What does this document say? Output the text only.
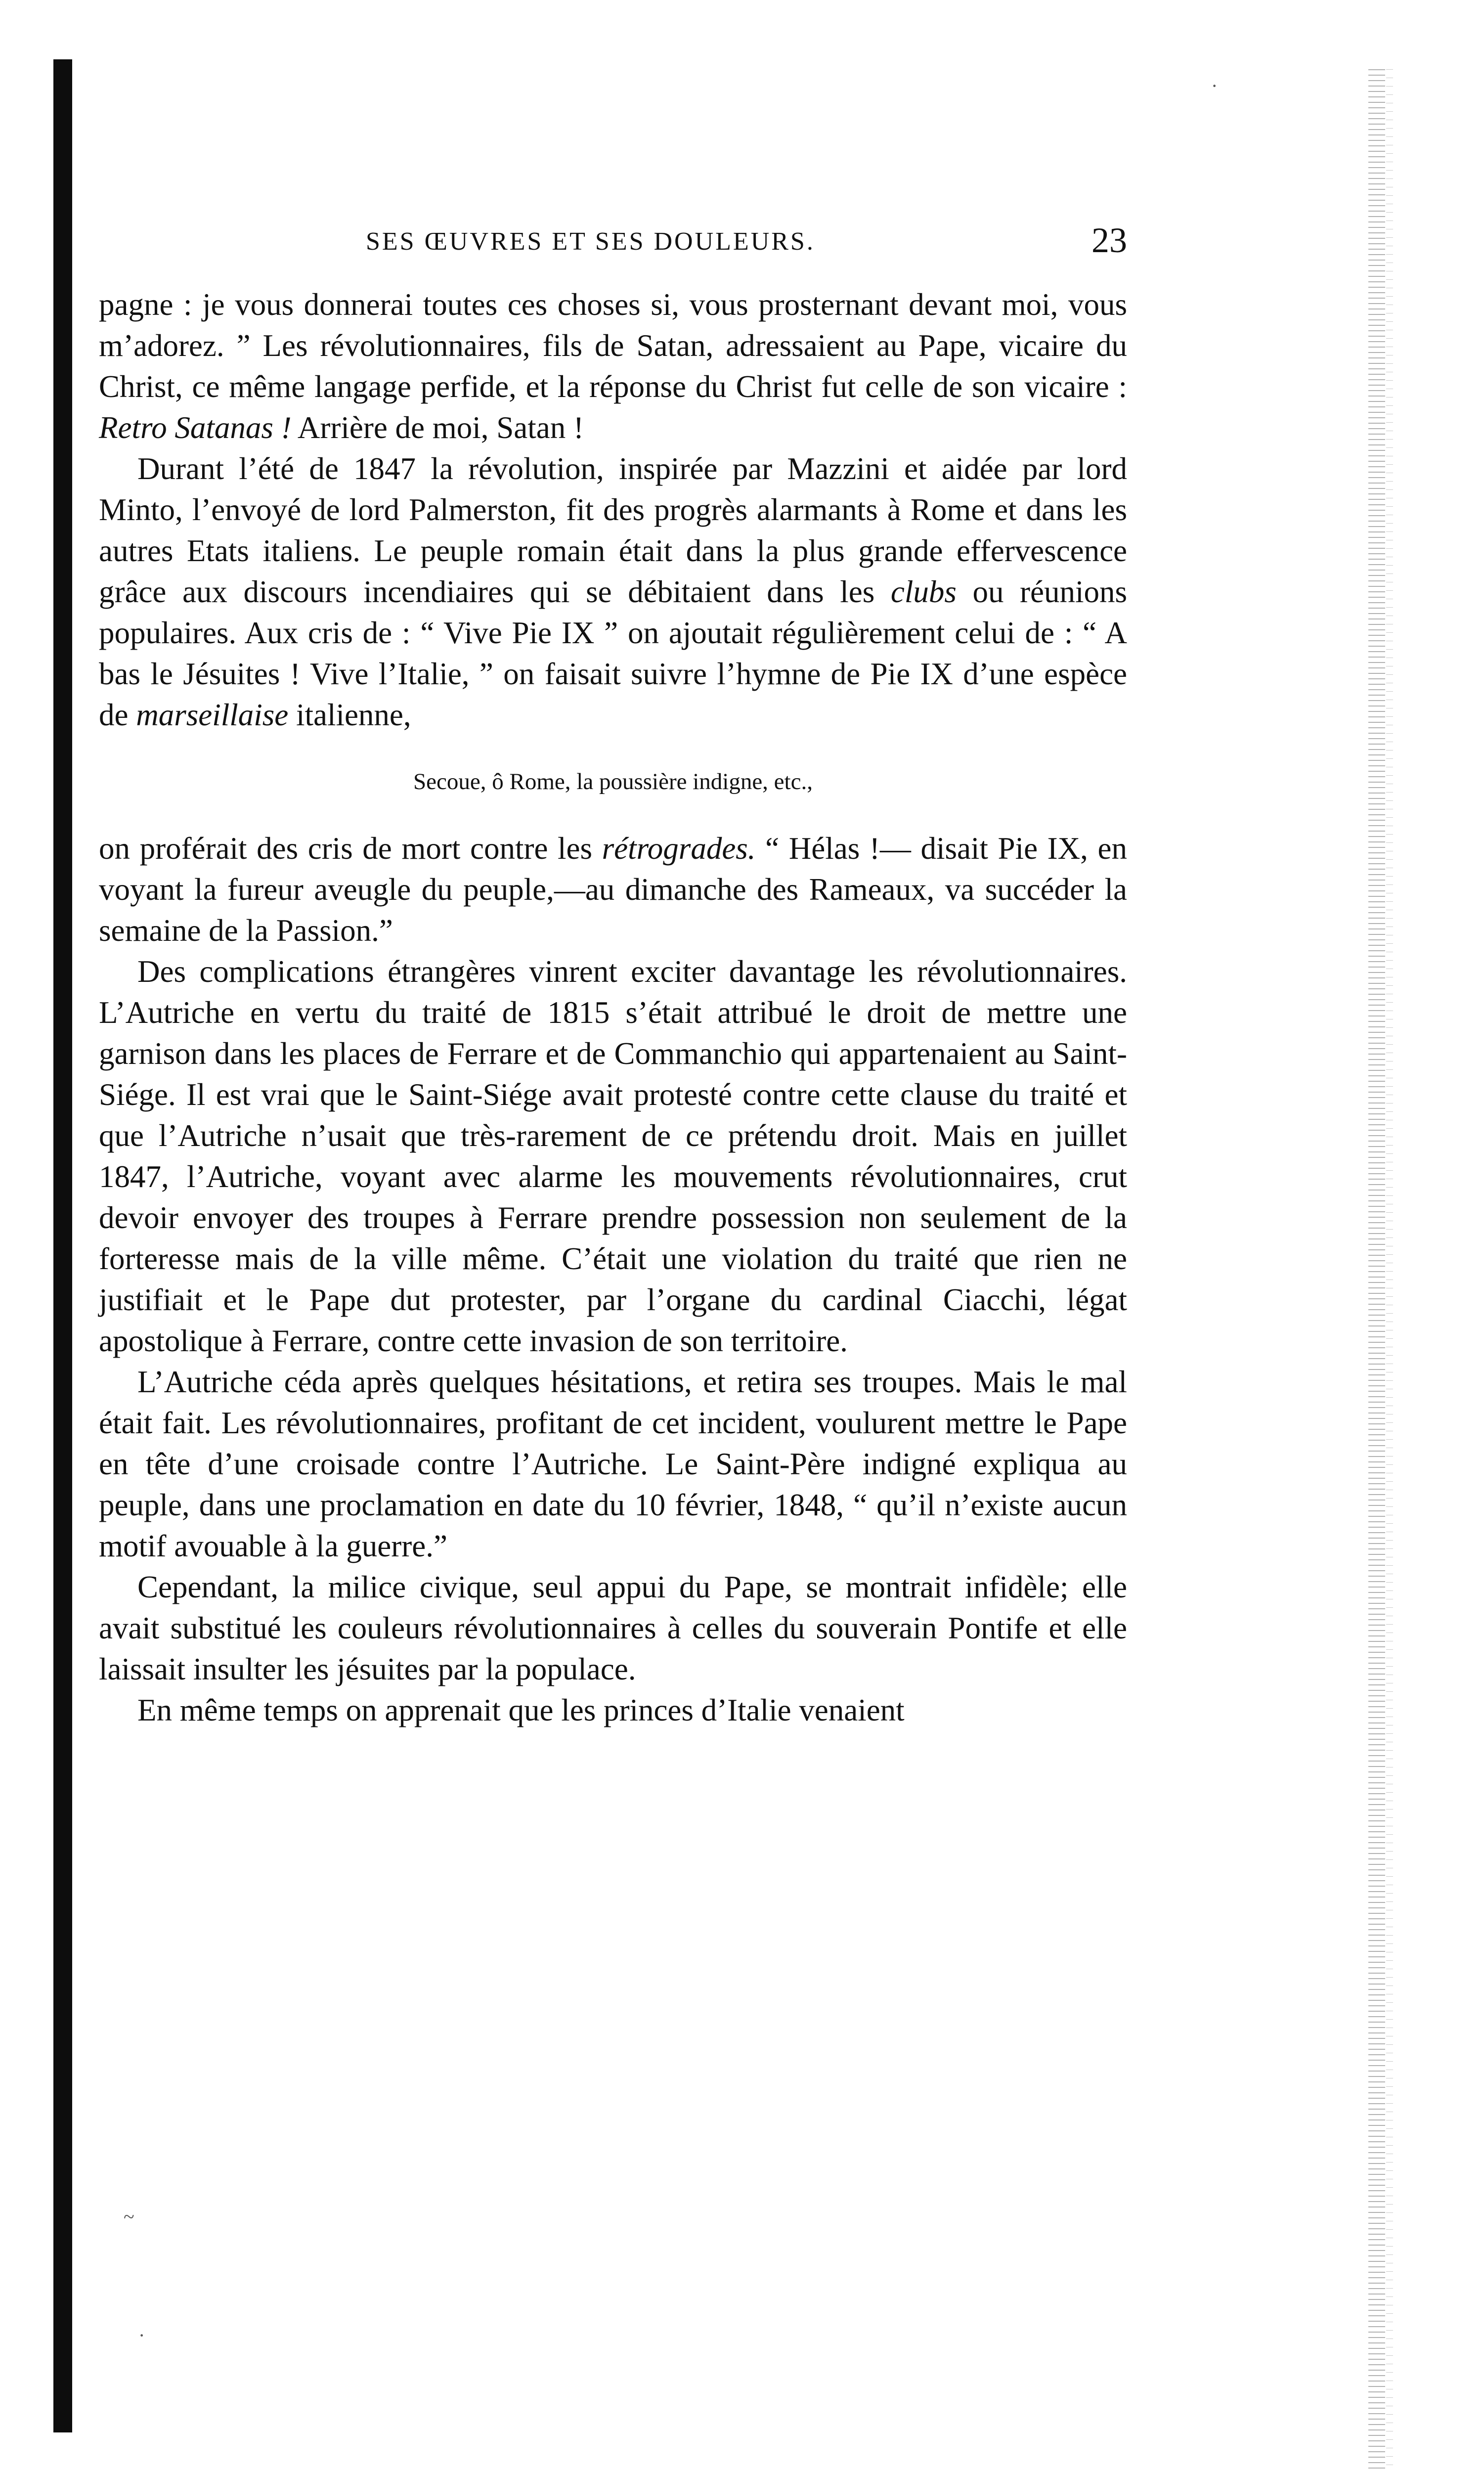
SES ŒUVRES ET SES DOULEURS.	23

pagne : je vous donnerai toutes ces choses si, vous prosternant devant moi, vous m’adorez. ” Les révolutionnaires, fils de Satan, adressaient au Pape, vicaire du Christ, ce même langage perfide, et la réponse du Christ fut celle de son vicaire : Retro Satanas ! Arrière de moi, Satan !

Durant l’été de 1847 la révolution, inspirée par Mazzini et aidée par lord Minto, l’envoyé de lord Palmerston, fit des progrès alarmants à Rome et dans les autres Etats italiens. Le peuple romain était dans la plus grande effervescence grâce aux discours incendiaires qui se débitaient dans les clubs ou réunions populaires. Aux cris de : “ Vive Pie IX ” on ajoutait régulièrement celui de : “ A bas le Jésuites ! Vive l’Italie, ” on faisait suivre l’hymne de Pie IX d’une espèce de marseillaise italienne,

Secoue, ô Rome, la poussière indigne, etc.,

on proférait des cris de mort contre les rétrogrades. “ Hélas !— disait Pie IX, en voyant la fureur aveugle du peuple,—au dimanche des Rameaux, va succéder la semaine de la Passion.”

Des complications étrangères vinrent exciter davantage les révolutionnaires. L’Autriche en vertu du traité de 1815 s’était attribué le droit de mettre une garnison dans les places de Ferrare et de Commanchio qui appartenaient au Saint-Siége. Il est vrai que le Saint-Siége avait protesté contre cette clause du traité et que l’Autriche n’usait que très-rarement de ce prétendu droit. Mais en juillet 1847, l’Autriche, voyant avec alarme les mouvements révolutionnaires, crut devoir envoyer des troupes à Ferrare prendre possession non seulement de la forteresse mais de la ville même. C’était une violation du traité que rien ne justifiait et le Pape dut protester, par l’organe du cardinal Ciacchi, légat apostolique à Ferrare, contre cette invasion de son territoire.

L’Autriche céda après quelques hésitations, et retira ses troupes. Mais le mal était fait. Les révolutionnaires, profitant de cet incident, voulurent mettre le Pape en tête d’une croisade contre l’Autriche. Le Saint-Père indigné expliqua au peuple, dans une proclamation en date du 10 février, 1848, “ qu’il n’existe aucun motif avouable à la guerre.”

Cependant, la milice civique, seul appui du Pape, se montrait infidèle; elle avait substitué les couleurs révolutionnaires à celles du souverain Pontife et elle laissait insulter les jésuites par la populace.

En même temps on apprenait que les princes d’Italie venaient

·
~
·
